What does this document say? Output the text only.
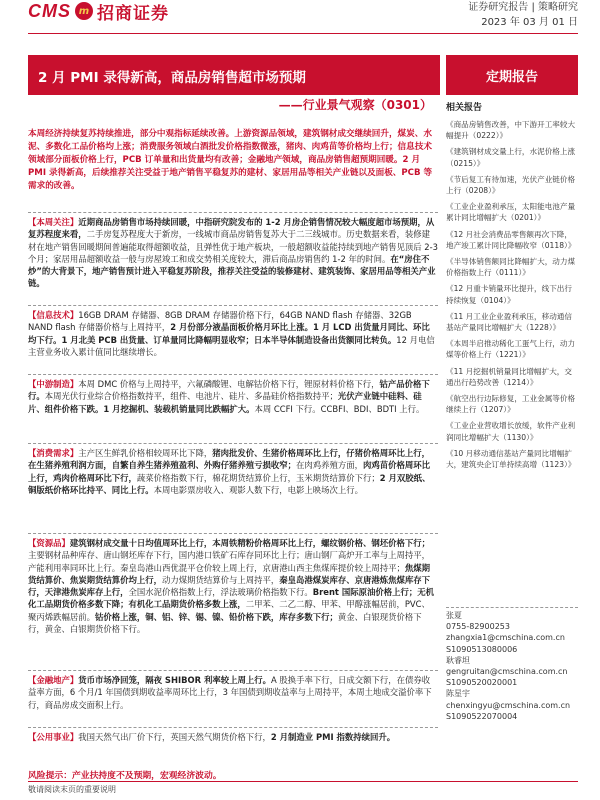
CMS m 招商证券	证券研究报告 | 策略研究
2023 年 03 月 01 日
2 月 PMI 录得新高，商品房销售超市场预期	定期报告
——行业景气观察（0301）
本周经济持续复苏持续推进，部分中观指标延续改善。上游资源品领域，建筑钢材成交继续回升，煤炭、水泥、多数化工品价格均上涨；消费服务领域白酒批发价格指数微涨，猪肉、肉鸡苗等价格均上行；信息技术领域部分面板价格上行，PCB 订单量和出货量均有改善；金融地产领域，商品房销售超预期回暖。2 月 PMI 录得新高，后续推荐关注受益于地产销售平稳复苏的建材、家居用品等相关产业链以及面板、PCB 等需求的改善。

【本周关注】近期商品房销售市场持续回暖，中指研究院发布的 1-2 月房企销售情况较大幅度超市场预期，从复苏程度来看，二手房复苏程度大于新房，一线城市商品房销售复苏大于二三线城市。历史数据来看，装修建材在地产销售回暖期间普遍能取得超额收益，且弹性优于地产板块，一般超额收益能持续到地产销售见顶后 2-3 个月；家居用品超额收益一般与房屋竣工和成交势相关度较大，滞后商品房销售约 1-2 年的时间。在“房住不炒”的大背景下，地产销售预计进入平稳复苏阶段，推荐关注受益的装修建材、建筑装饰、家居用品等相关产业链。

【信息技术】16GB DRAM 存储器、8GB DRAM 存储器价格下行，64GB NAND flash 存储器、32GB NAND flash 存储器价格与上周持平，2 月份部分液晶面板价格月环比上涨。1 月 LCD 出货量月同比、环比均下行。1 月北美 PCB 出货量、订单量同比降幅明显收窄；日本半导体制造设备出货额同比转负。12 月电信主营业务收入累计值同比继续增长。

【中游制造】本周 DMC 价格与上周持平，六氟磷酸锂、电解钴价格下行，锂原材料价格下行，钴产品价格下行。本周光伏行业综合价格指数持平，组件、电池片、硅片、多晶硅价格指数持平；光伏产业链中硅料、硅片、组件价格下跌。1 月挖掘机、装载机销量同比跌幅扩大。本周 CCFI 下行。CCBFI、BDI、BDTI 上行。

【消费需求】主产区生鲜乳价格相较周环比下降，猪肉批发价、生猪价格周环比上行，仔猪价格周环比上行，在生猪养殖利润方面，自繁自养生猪养殖盈利、外购仔猪养殖亏损收窄；在肉鸡养殖方面，肉鸡苗价格周环比上行，鸡肉价格周环比下行，蔬菜价格指数下行，棉花期货结算价上行，玉米期货结算价下行；2 月双胶纸、铜版纸价格环比持平、同比上行。本周电影票房收入、观影人数下行，电影上映场次上行。

【资源品】建筑钢材成交量十日均值周环比上行，本周铁精粉价格周环比上行，螺纹钢价格、钢坯价格下行；主要钢材品种库存、唐山钢坯库存下行，国内港口铁矿石库存同环比上行；唐山钢厂高炉开工率与上周持平，产能利用率同环比上行。秦皇岛港山西优混平仓价较上周上行，京唐港山西主焦煤库提价较上周持平；焦煤期货结算价、焦炭期货结算价均上行，动力煤期货结算价与上周持平，秦皇岛港煤炭库存、京唐港炼焦煤库存下行，天津港焦炭库存上行，全国水泥价格指数上行，浮法玻璃价格指数下行。Brent 国际原油价格上行；无机化工品期货价格多数下降；有机化工品期货价格多数上涨，二甲苯、二乙二醇、甲苯、甲醇涨幅居前，PVC、聚丙烯跌幅居前。钴价格上涨，铜、铝、锌、锡、镍、铅价格下跌，库存多数下行；黄金、白银现货价格下行，黄金、白银期货价格下行。

【金融地产】货币市场净回笼，隔夜 SHIBOR 利率较上周上行。A 股换手率下行，日成交额下行，在债券收益率方面，6 个月/1 年国债到期收益率周环比上行，3 年国债到期收益率与上周持平，本周土地成交溢价率下行，商品房成交面积上行。

【公用事业】我国天然气出厂价下行，英国天然气期货价格下行，2 月制造业 PMI 指数持续回升。

风险提示：产业扶持度不及预期，宏观经济波动。
相关报告

《商品房销售改善，中下游开工率较大幅提升（0222）》

《建筑钢材成交量上行，水泥价格上涨（0215）》

《节后复工有待加速，光伏产业链价格上行（0208）》

《工业企业盈利承压，太阳能电池产量累计同比增幅扩大（0201）》

《12 月社会消费品零售额再次下降，地产竣工累计同比降幅收窄（0118）》

《半导体销售额同比降幅扩大，动力煤价格指数上行（0111）》

《12 月重卡销量环比提升，线下出行持续恢复（0104）》

《11 月工业企业盈利承压，移动通信基站产量同比增幅扩大（1228）》

《本周半启推动稀化工蛋气上行，动力煤等价格上行（1221）》

《11 月挖掘机销量同比增幅扩大，交通出行趋势改善（1214）》

《航空出行边际修复，工业金属等价格继续上行（1207）》

《工业企业营收增长放缓，软件产业利润同比增幅扩大（1130）》

《10 月移动通信基站产量同比增幅扩大，建筑央企订单持续高增（1123）》

张夏
0755-82900253
zhangxia1@cmschina.com.cn
S1090513080006
耿睿坦
gengruitan@cmschina.com.cn
S1090520020001
陈星宇
chenxingyu@cmschina.com.cn
S1090522070004
敬请阅读末页的重要说明
